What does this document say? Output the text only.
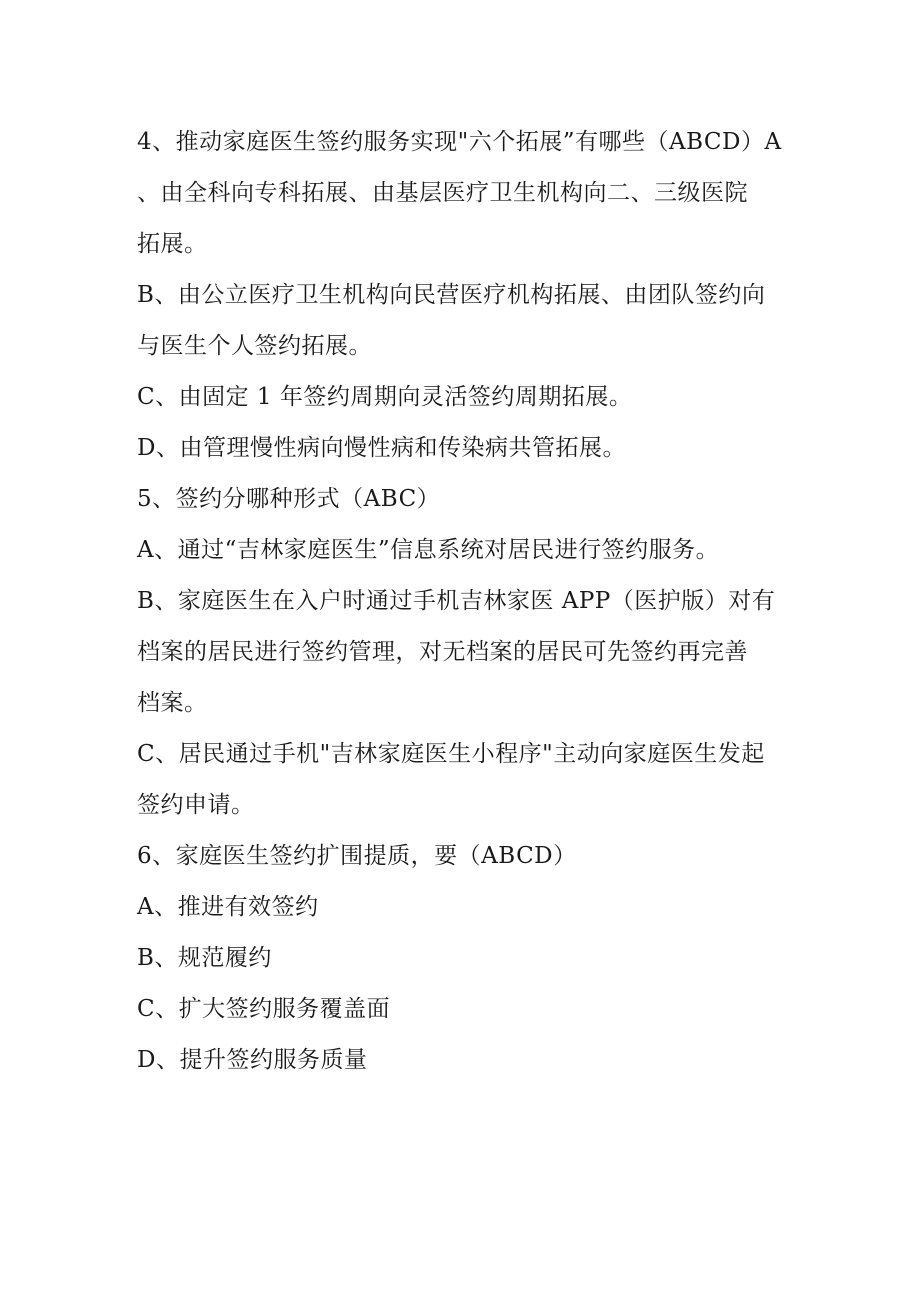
4、推动家庭医生签约服务实现"六个拓展”有哪些（ABCD）A
、由全科向专科拓展、由基层医疗卫生机构向二、三级医院
拓展。
B、由公立医疗卫生机构向民营医疗机构拓展、由团队签约向
与医生个人签约拓展。
C、由固定 1 年签约周期向灵活签约周期拓展。
D、由管理慢性病向慢性病和传染病共管拓展。
5、签约分哪种形式（ABC）
A、通过“吉林家庭医生”信息系统对居民进行签约服务。
B、家庭医生在入户时通过手机吉林家医 APP（医护版）对有
档案的居民进行签约管理，对无档案的居民可先签约再完善
档案。
C、居民通过手机"吉林家庭医生小程序"主动向家庭医生发起
签约申请。
6、家庭医生签约扩围提质，要（ABCD）
A、推进有效签约
B、规范履约
C、扩大签约服务覆盖面
D、提升签约服务质量
